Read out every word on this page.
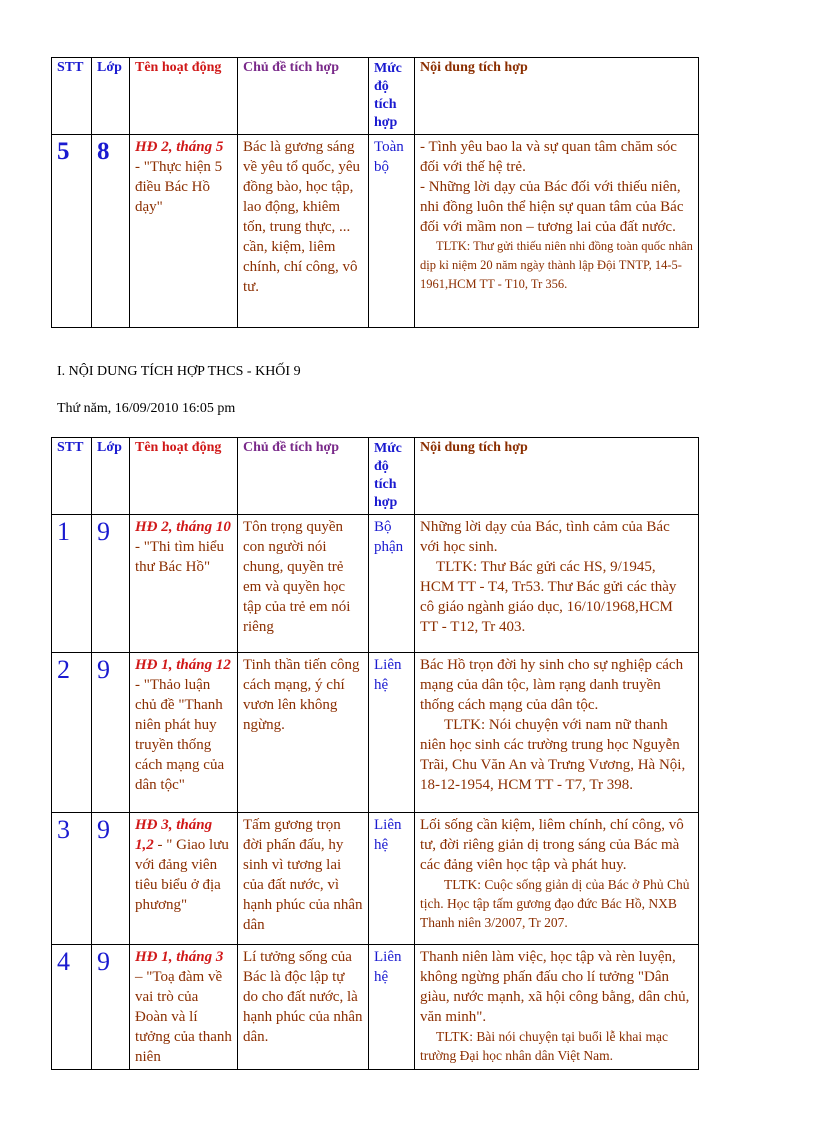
STT	Lớp	Tên hoạt động	Chủ đề tích hợp	Mức độ tích hợp	Nội dung tích hợp
5	8	HĐ 2, tháng 5 - "Thực hiện 5 điều Bác Hồ dạy"	Bác là gương sáng về yêu tổ quốc, yêu đồng bào, học tập, lao động, khiêm tốn, trung thực, ... cần, kiệm, liêm chính, chí công, vô tư.	Toàn bộ	- Tình yêu bao la và sự quan tâm chăm sóc đối với thế hệ trẻ.
- Những lời dạy của Bác đối với thiếu niên, nhi đồng luôn thể hiện sự quan tâm của Bác đối với mầm non – tương lai của đất nước.
TLTK: Thư gửi thiếu niên nhi đồng toàn quốc nhân dịp kỉ niệm 20 năm ngày thành lập Đội TNTP, 14-5-1961,HCM TT - T10, Tr 356.
I. NỘI DUNG TÍCH HỢP THCS - KHỐI 9
Thứ năm, 16/09/2010 16:05 pm
STT	Lớp	Tên hoạt động	Chủ đề tích hợp	Mức độ tích hợp	Nội dung tích hợp
1	9	HĐ 2, tháng 10 - "Thi tìm hiểu thư Bác Hồ"	Tôn trọng quyền con người nói chung, quyền trẻ em và quyền học tập của trẻ em nói riêng	Bộ phận	Những lời dạy của Bác, tình cảm của Bác với học sinh.
TLTK: Thư Bác gửi các HS, 9/1945, HCM TT - T4, Tr53. Thư Bác gửi các thày cô giáo ngành giáo dục, 16/10/1968,HCM TT - T12, Tr 403.

2	9	HĐ 1, tháng 12 - "Thảo luận chủ đề "Thanh niên phát huy truyền thống cách mạng của dân tộc"	Tinh thần tiến công cách mạng, ý chí vươn lên không ngừng.	Liên hệ	Bác Hồ trọn đời hy sinh cho sự nghiệp cách mạng của dân tộc, làm rạng danh truyền thống cách mạng của dân tộc.
TLTK: Nói chuyện với nam nữ thanh niên học sinh các trường trung học Nguyễn Trãi, Chu Văn An và Trưng Vương, Hà Nội, 18-12-1954, HCM TT - T7, Tr 398.

3	9	HĐ 3, tháng 1,2 - " Giao lưu với đảng viên tiêu biểu ở địa phương"	Tấm gương trọn đời phấn đấu, hy sinh vì tương lai của đất nước, vì hạnh phúc của nhân dân	Liên hệ	Lối sống cần kiệm, liêm chính, chí công, vô tư, đời riêng giản dị trong sáng của Bác mà các đảng viên học tập và phát huy.
TLTK: Cuộc sống giản dị của Bác ở Phủ Chủ tịch. Học tập tấm gương đạo đức Bác Hồ, NXB Thanh niên 3/2007, Tr 207.

4	9	HĐ 1, tháng 3 – "Toạ đàm về vai trò của Đoàn và lí tưởng của thanh niên	Lí tưởng sống của Bác là độc lập tự do cho đất nước, là hạnh phúc của nhân dân.	Liên hệ	Thanh niên làm việc, học tập và rèn luyện, không ngừng phấn đấu cho lí tưởng "Dân giàu, nước mạnh, xã hội công bằng, dân chủ, văn minh".
TLTK: Bài nói chuyện tại buổi lễ khai mạc trường Đại học nhân dân Việt Nam.
